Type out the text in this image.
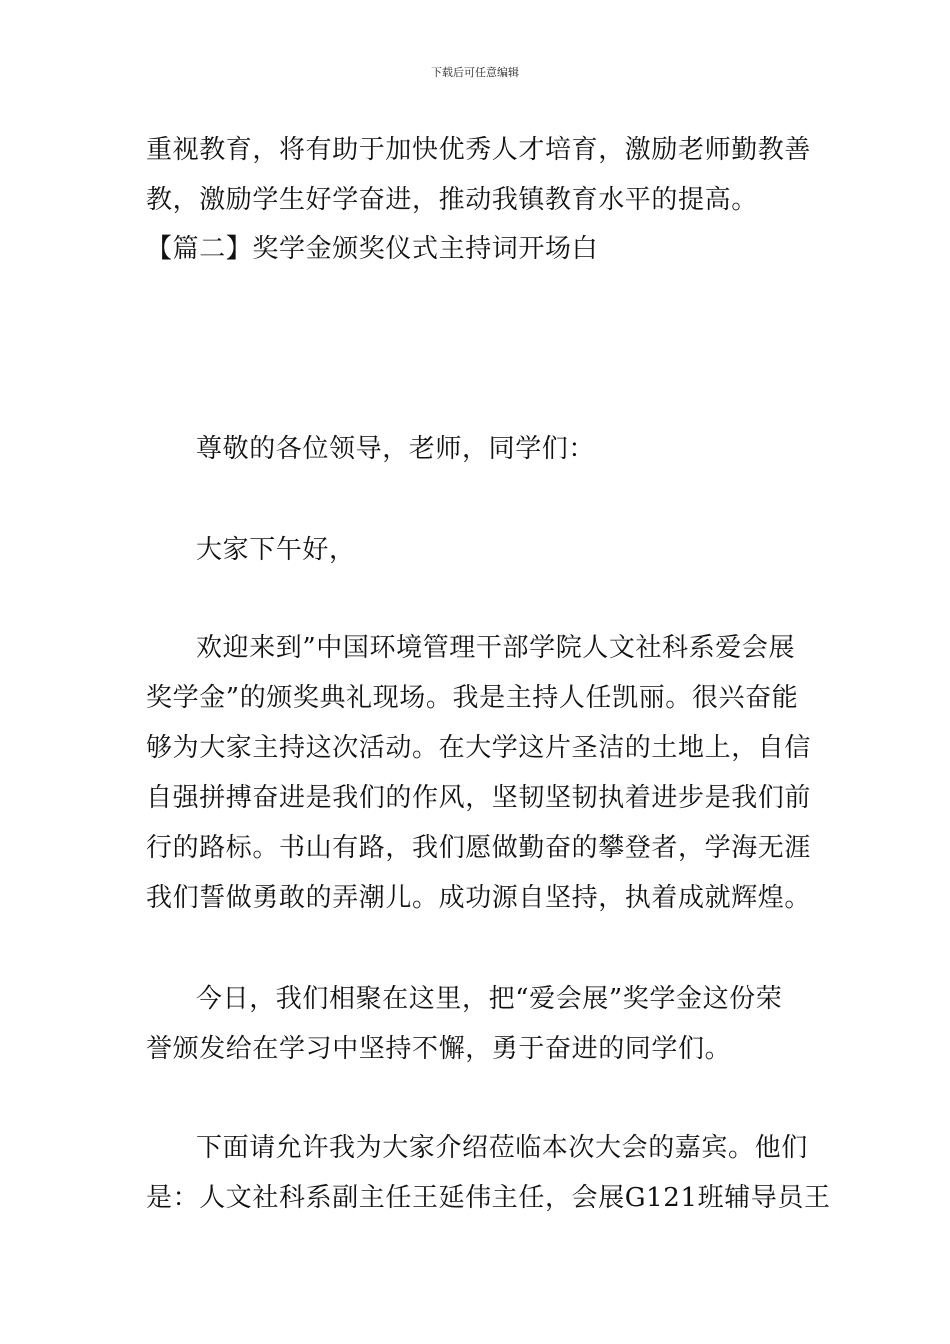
下载后可任意编辑
重视教育，将有助于加快优秀人才培育，激励老师勤教善
教，激励学生好学奋进，推动我镇教育水平的提高。
【篇二】奖学金颁奖仪式主持词开场白
尊敬的各位领导，老师，同学们：
大家下午好，
欢迎来到”中国环境管理干部学院人文社科系爱会展
奖学金”的颁奖典礼现场。我是主持人任凯丽。很兴奋能
够为大家主持这次活动。在大学这片圣洁的土地上，自信
自强拼搏奋进是我们的作风，坚韧坚韧执着进步是我们前
行的路标。书山有路，我们愿做勤奋的攀登者，学海无涯
我们誓做勇敢的弄潮儿。成功源自坚持，执着成就辉煌。
今日，我们相聚在这里，把“爱会展”奖学金这份荣
誉颁发给在学习中坚持不懈，勇于奋进的同学们。
下面请允许我为大家介绍莅临本次大会的嘉宾。他们
是：人文社科系副主任王延伟主任，会展G121班辅导员王
